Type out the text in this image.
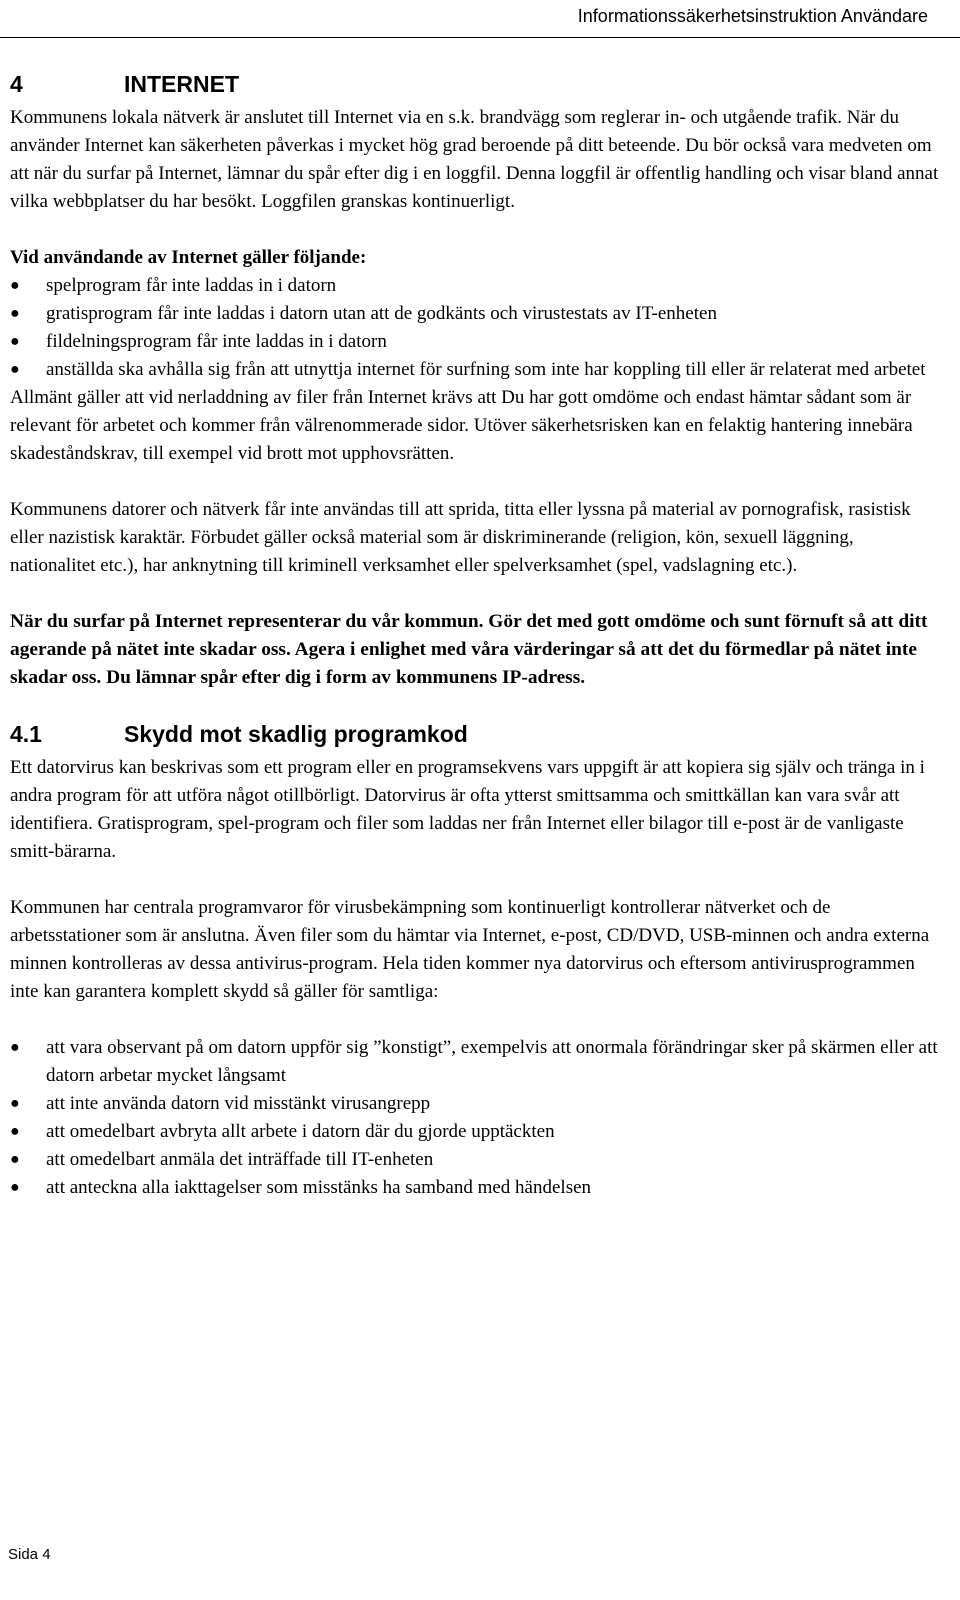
Informationssäkerhetsinstruktion Användare
4	INTERNET

Kommunens lokala nätverk är anslutet till Internet via en s.k. brandvägg som reglerar in- och utgående trafik. När du använder Internet kan säkerheten påverkas i mycket hög grad beroende på ditt beteende. Du bör också vara medveten om att när du surfar på Internet, lämnar du spår efter dig i en loggfil. Denna loggfil är offentlig handling och visar bland annat vilka webbplatser du har besökt. Loggfilen granskas kontinuerligt.

Vid användande av Internet gäller följande:

●	spelprogram får inte laddas in i datorn
●	gratisprogram får inte laddas i datorn utan att de godkänts och virustestats av IT-enheten
●	fildelningsprogram får inte laddas in i datorn
●	anställda ska avhålla sig från att utnyttja internet för surfning som inte har koppling till eller är relaterat med arbetet

Allmänt gäller att vid nerladdning av filer från Internet krävs att Du har gott omdöme och endast hämtar sådant som är relevant för arbetet och kommer från välrenommerade sidor. Utöver säkerhetsrisken kan en felaktig hantering innebära skadeståndskrav, till exempel vid brott mot upphovsrätten.

Kommunens datorer och nätverk får inte användas till att sprida, titta eller lyssna på material av pornografisk, rasistisk eller nazistisk karaktär. Förbudet gäller också material som är diskriminerande (religion, kön, sexuell läggning, nationalitet etc.), har anknytning till kriminell verksamhet eller spelverksamhet (spel, vadslagning etc.).

När du surfar på Internet representerar du vår kommun. Gör det med gott omdöme och sunt förnuft så att ditt agerande på nätet inte skadar oss. Agera i enlighet med våra värderingar så att det du förmedlar på nätet inte skadar oss. Du lämnar spår efter dig i form av kommunens IP-adress.

4.1	Skydd mot skadlig programkod

Ett datorvirus kan beskrivas som ett program eller en programsekvens vars uppgift är att kopiera sig själv och tränga in i andra program för att utföra något otillbörligt. Datorvirus är ofta ytterst smittsamma och smittkällan kan vara svår att identifiera. Gratisprogram, spel-program och filer som laddas ner från Internet eller bilagor till e-post är de vanligaste smitt-bärarna.

Kommunen har centrala programvaror för virusbekämpning som kontinuerligt kontrollerar nätverket och de arbetsstationer som är anslutna. Även filer som du hämtar via Internet, e-post, CD/DVD, USB-minnen och andra externa minnen kontrolleras av dessa antivirus-program. Hela tiden kommer nya datorvirus och eftersom antivirusprogrammen inte kan garantera komplett skydd så gäller för samtliga:

●	att vara observant på om datorn uppför sig ”konstigt”, exempelvis att onormala förändringar sker på skärmen eller att datorn arbetar mycket långsamt
●	att inte använda datorn vid misstänkt virusangrepp
●	att omedelbart avbryta allt arbete i datorn där du gjorde upptäckten
●	att omedelbart anmäla det inträffade till IT-enheten
●	att anteckna alla iakttagelser som misstänks ha samband med händelsen
Sida 4
